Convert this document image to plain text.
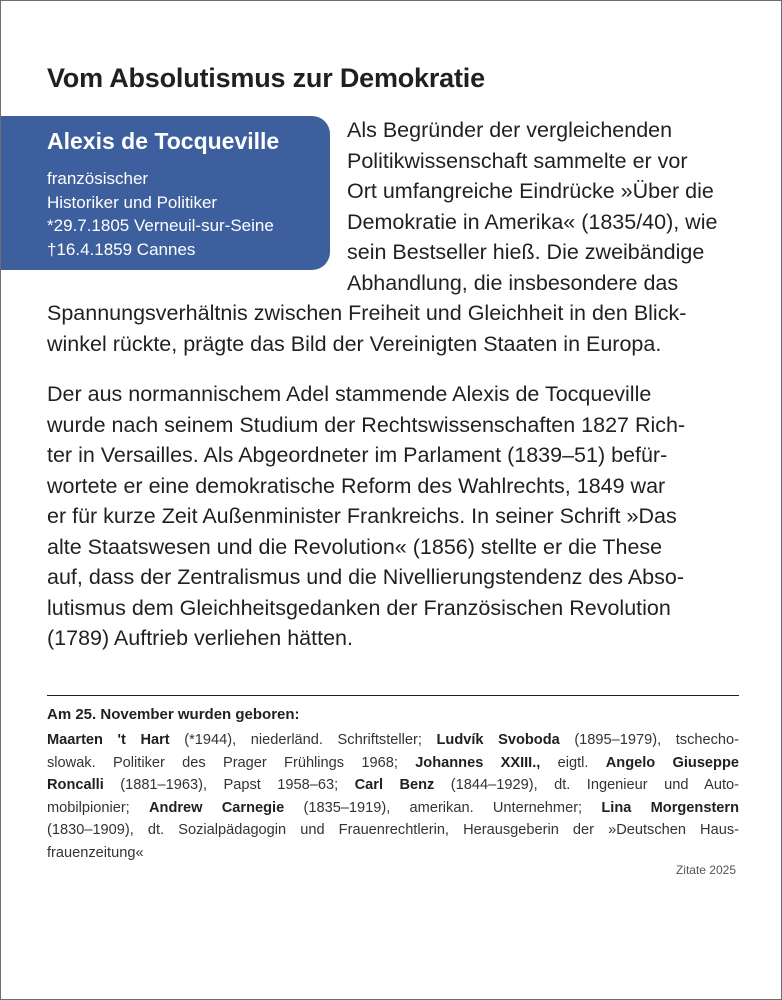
Vom Absolutismus zur Demokratie
Alexis de Tocqueville
französischer
Historiker und Politiker
*29.7.1805 Verneuil-sur-Seine
†16.4.1859 Cannes
Als Begründer der vergleichenden
Politikwissenschaft sammelte er vor
Ort umfangreiche Eindrücke »Über die
Demokratie in Amerika« (1835/40), wie
sein Bestseller hieß. Die zweibändige
Abhandlung, die insbesondere das
Spannungsverhältnis zwischen Freiheit und Gleichheit in den Blick-
winkel rückte, prägte das Bild der Vereinigten Staaten in Europa.
Der aus normannischem Adel stammende Alexis de Tocqueville
wurde nach seinem Studium der Rechtswissenschaften 1827 Rich-
ter in Versailles. Als Abgeordneter im Parlament (1839–51) befür-
wortete er eine demokratische Reform des Wahlrechts, 1849 war
er für kurze Zeit Außenminister Frankreichs. In seiner Schrift »Das
alte Staatswesen und die Revolution« (1856) stellte er die These
auf, dass der Zentralismus und die Nivellierungstendenz des Abso-
lutismus dem Gleichheitsgedanken der Französischen Revolution
(1789) Auftrieb verliehen hätten.
Am 25. November wurden geboren:
Maarten 't Hart (*1944), niederländ. Schriftsteller; Ludvík Svoboda (1895–1979), tschecho-
slowak. Politiker des Prager Frühlings 1968; Johannes XXIII., eigtl. Angelo Giuseppe
Roncalli (1881–1963), Papst 1958–63; Carl Benz (1844–1929), dt. Ingenieur und Auto-
mobilpionier; Andrew Carnegie (1835–1919), amerikan. Unternehmer; Lina Morgenstern
(1830–1909), dt. Sozialpädagogin und Frauenrechtlerin, Herausgeberin der »Deutschen Haus-
frauenzeitung«
Zitate 2025
